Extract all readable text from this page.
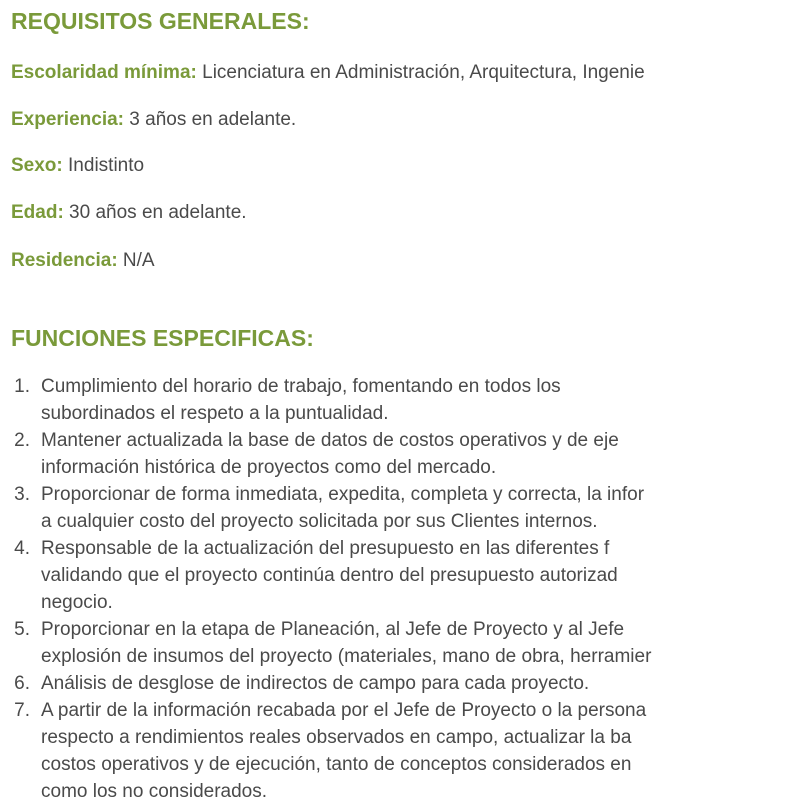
REQUISITOS GENERALES:

Escolaridad mínima: Licenciatura en Administración, Arquitectura, Ingenie

Experiencia: 3 años en adelante.

Sexo: Indistinto

Edad: 30 años en adelante.

Residencia: N/A

FUNCIONES ESPECIFICAS:
1. Cumplimiento del horario de trabajo, fomentando en todos los
subordinados el respeto a la puntualidad.
2. Mantener actualizada la base de datos de costos operativos y de eje
información histórica de proyectos como del mercado.
3. Proporcionar de forma inmediata, expedita, completa y correcta, la infor
a cualquier costo del proyecto solicitada por sus Clientes internos.
4. Responsable de la actualización del presupuesto en las diferentes f
validando que el proyecto continúa dentro del presupuesto autorizad
negocio.
5. Proporcionar en la etapa de Planeación, al Jefe de Proyecto y al Jefe
explosión de insumos del proyecto (materiales, mano de obra, herramier
6. Análisis de desglose de indirectos de campo para cada proyecto.
7. A partir de la información recabada por el Jefe de Proyecto o la persona
respecto a rendimientos reales observados en campo, actualizar la ba
costos operativos y de ejecución, tanto de conceptos considerados en
como los no considerados.
